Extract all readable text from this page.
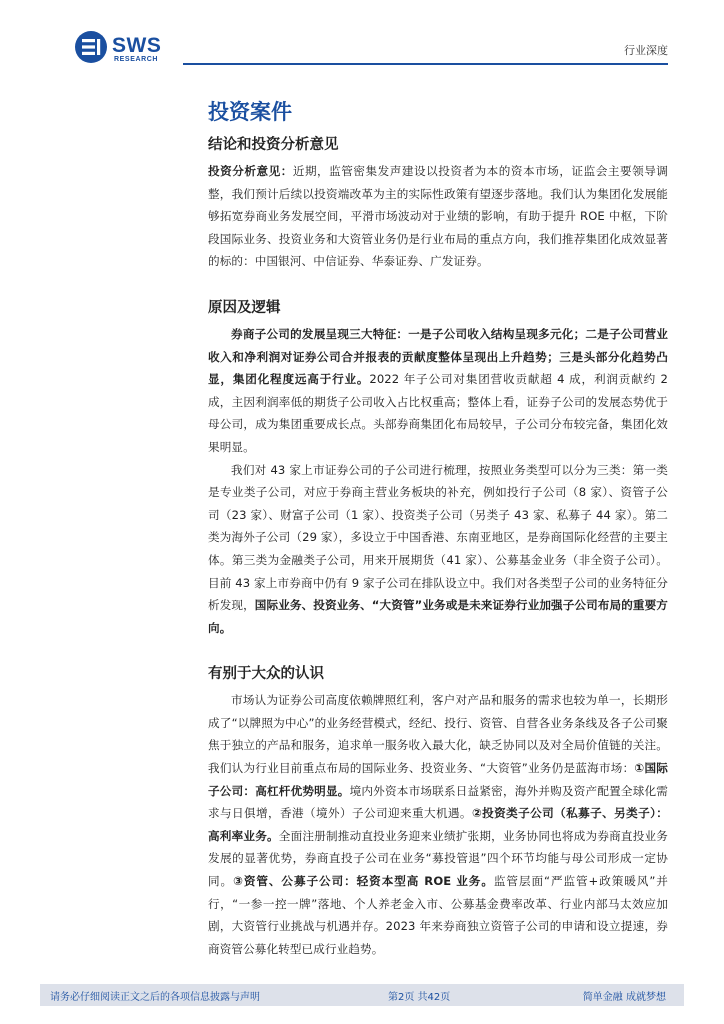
SWS
RESEARCH
行业深度
投资案件
结论和投资分析意见

投资分析意见：近期，监管密集发声建设以投资者为本的资本市场，证监会主要领导调整，我们预计后续以投资端改革为主的实际性政策有望逐步落地。我们认为集团化发展能够拓宽券商业务发展空间，平滑市场波动对于业绩的影响，有助于提升 ROE 中枢，下阶段国际业务、投资业务和大资管业务仍是行业布局的重点方向，我们推荐集团化成效显著的标的：中国银河、中信证券、华泰证券、广发证券。

原因及逻辑

券商子公司的发展呈现三大特征：一是子公司收入结构呈现多元化；二是子公司营业收入和净利润对证券公司合并报表的贡献度整体呈现出上升趋势；三是头部分化趋势凸显，集团化程度远高于行业。2022 年子公司对集团营收贡献超 4 成，利润贡献约 2 成，主因利润率低的期货子公司收入占比权重高；整体上看，证券子公司的发展态势优于母公司，成为集团重要成长点。头部券商集团化布局较早，子公司分布较完备，集团化效果明显。

我们对 43 家上市证券公司的子公司进行梳理，按照业务类型可以分为三类：第一类是专业类子公司，对应于券商主营业务板块的补充，例如投行子公司（8 家）、资管子公司（23 家）、财富子公司（1 家）、投资类子公司（另类子 43 家、私募子 44 家）。第二类为海外子公司（29 家），多设立于中国香港、东南亚地区，是券商国际化经营的主要主体。第三类为金融类子公司，用来开展期货（41 家）、公募基金业务（非全资子公司）。目前 43 家上市券商中仍有 9 家子公司在排队设立中。我们对各类型子公司的业务特征分析发现，国际业务、投资业务、“大资管”业务或是未来证券行业加强子公司布局的重要方向。

有别于大众的认识

市场认为证券公司高度依赖牌照红利，客户对产品和服务的需求也较为单一，长期形成了“以牌照为中心”的业务经营模式，经纪、投行、资管、自营各业务条线及各子公司聚焦于独立的产品和服务，追求单一服务收入最大化，缺乏协同以及对全局价值链的关注。我们认为行业目前重点布局的国际业务、投资业务、“大资管”业务仍是蓝海市场：①国际子公司：高杠杆优势明显。境内外资本市场联系日益紧密，海外并购及资产配置全球化需求与日俱增，香港（境外）子公司迎来重大机遇。②投资类子公司（私募子、另类子）：高利率业务。全面注册制推动直投业务迎来业绩扩张期，业务协同也将成为券商直投业务发展的显著优势，券商直投子公司在业务“募投管退”四个环节均能与母公司形成一定协同。③资管、公募子公司：轻资本型高 ROE 业务。监管层面“严监管+政策暖风”并行，“一参一控一牌”落地、个人养老金入市、公募基金费率改革、行业内部马太效应加剧，大资管行业挑战与机遇并存。2023 年来券商独立资管子公司的申请和设立提速，券商资管公募化转型已成行业趋势。

请务必仔细阅读正文之后的各项信息披露与声明	第2页 共42页	简单金融 成就梦想
